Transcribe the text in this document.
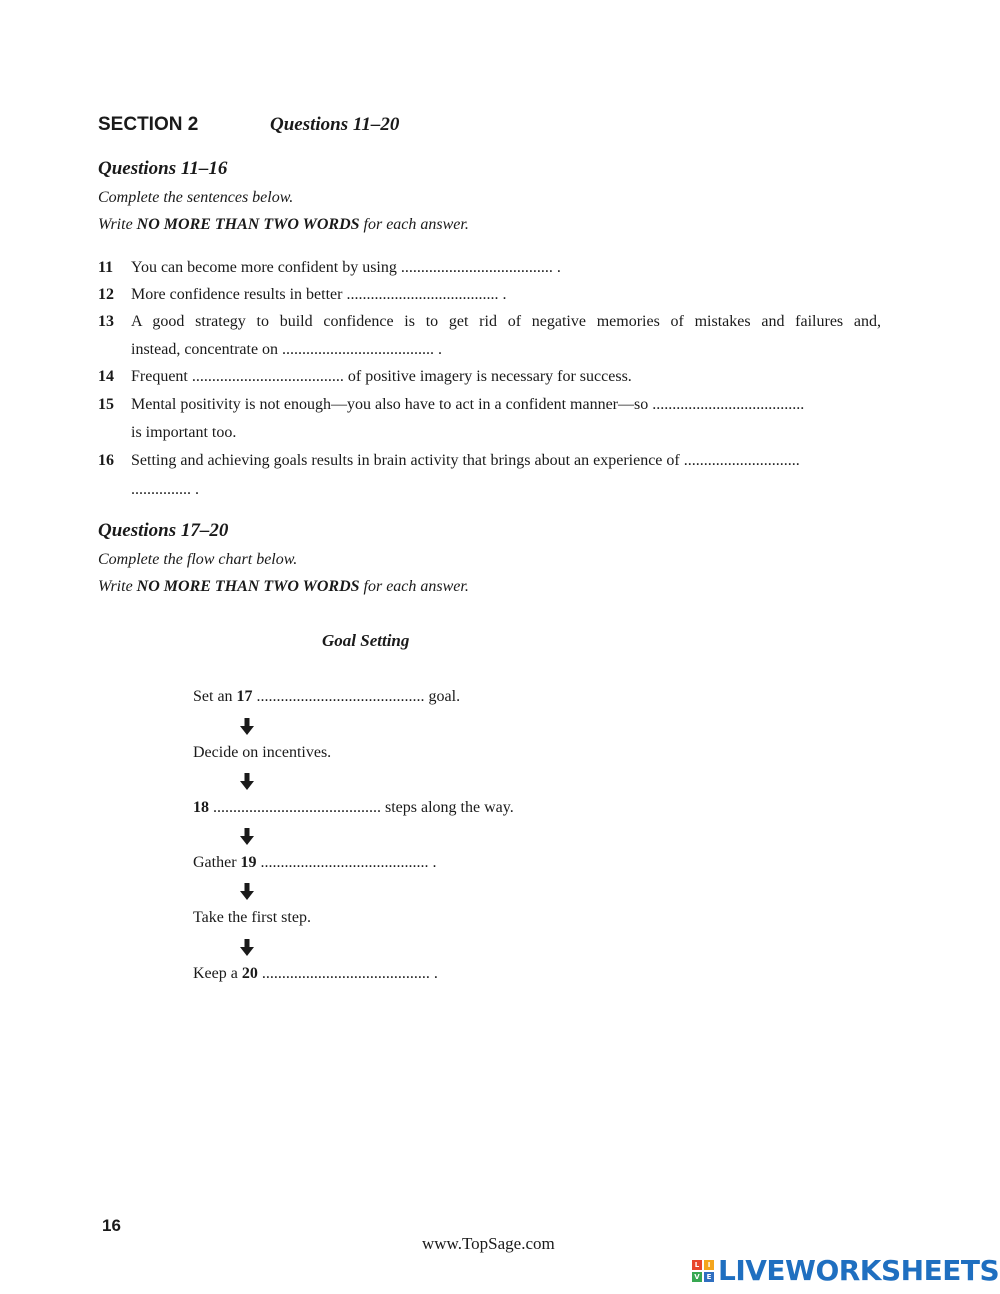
SECTION 2	Questions 11–20
Questions 11–16
Complete the sentences below.
Write NO MORE THAN TWO WORDS for each answer.
11 You can become more confident by using ...................................... .
12 More confidence results in better ...................................... .
13 A good strategy to build confidence is to get rid of negative memories of mistakes and failures and,
instead, concentrate on ...................................... .
14 Frequent ...................................... of positive imagery is necessary for success.
15 Mental positivity is not enough—you also have to act in a confident manner—so ......................................
is important too.
16 Setting and achieving goals results in brain activity that brings about an experience of .............................
............... .
Questions 17–20
Complete the flow chart below.
Write NO MORE THAN TWO WORDS for each answer.
Goal Setting
Set an 17 .......................................... goal.
Decide on incentives.
18 .......................................... steps along the way.
Gather 19 .......................................... .
Take the first step.
Keep a 20 .......................................... .
16
www.TopSage.com
L	I
V E LIVEWORKSHEETS
